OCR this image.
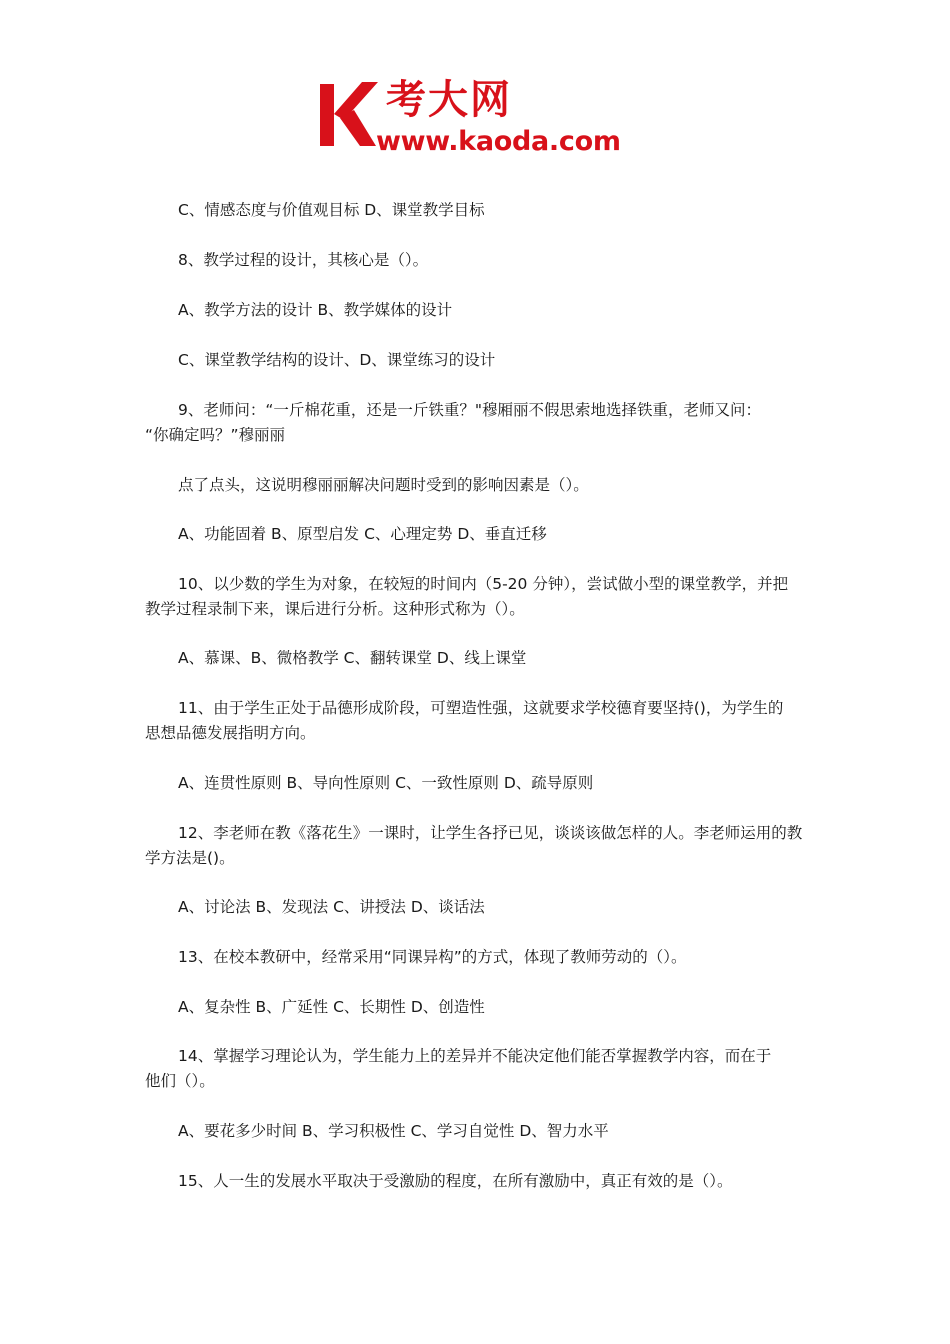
考大网
www.kaoda.com

C、情感态度与价值观目标 D、课堂教学目标

8、教学过程的设计，其核心是（）。

A、教学方法的设计 B、教学媒体的设计

C、课堂教学结构的设计、D、课堂练习的设计

9、老师问：“一斤棉花重，还是一斤铁重？"穆厢丽不假思索地选择铁重，老师又问：
“你确定吗？”穆丽丽

点了点头，这说明穆丽丽解决问题时受到的影响因素是（）。

A、功能固着 B、原型启发 C、心理定势 D、垂直迁移

10、以少数的学生为对象，在较短的时间内（5-20 分钟），尝试做小型的课堂教学，并把
教学过程录制下来，课后进行分析。这种形式称为（）。

A、慕课、B、微格教学 C、翻转课堂 D、线上课堂

11、由于学生正处于品德形成阶段，可塑造性强，这就要求学校德育要坚持()，为学生的
思想品德发展指明方向。

A、连贯性原则 B、导向性原则 C、一致性原则 D、疏导原则

12、李老师在教《落花生》一课时，让学生各抒已见，谈谈该做怎样的人。李老师运用的教
学方法是()。

A、讨论法 B、发现法 C、讲授法 D、谈话法

13、在校本教研中，经常采用“同课异构”的方式，体现了教师劳动的（）。

A、复杂性 B、广延性 C、长期性 D、创造性

14、掌握学习理论认为，学生能力上的差异并不能决定他们能否掌握教学内容，而在于
他们（）。

A、要花多少时间 B、学习积极性 C、学习自觉性 D、智力水平

15、人一生的发展水平取决于受激励的程度，在所有激励中，真正有效的是（）。
